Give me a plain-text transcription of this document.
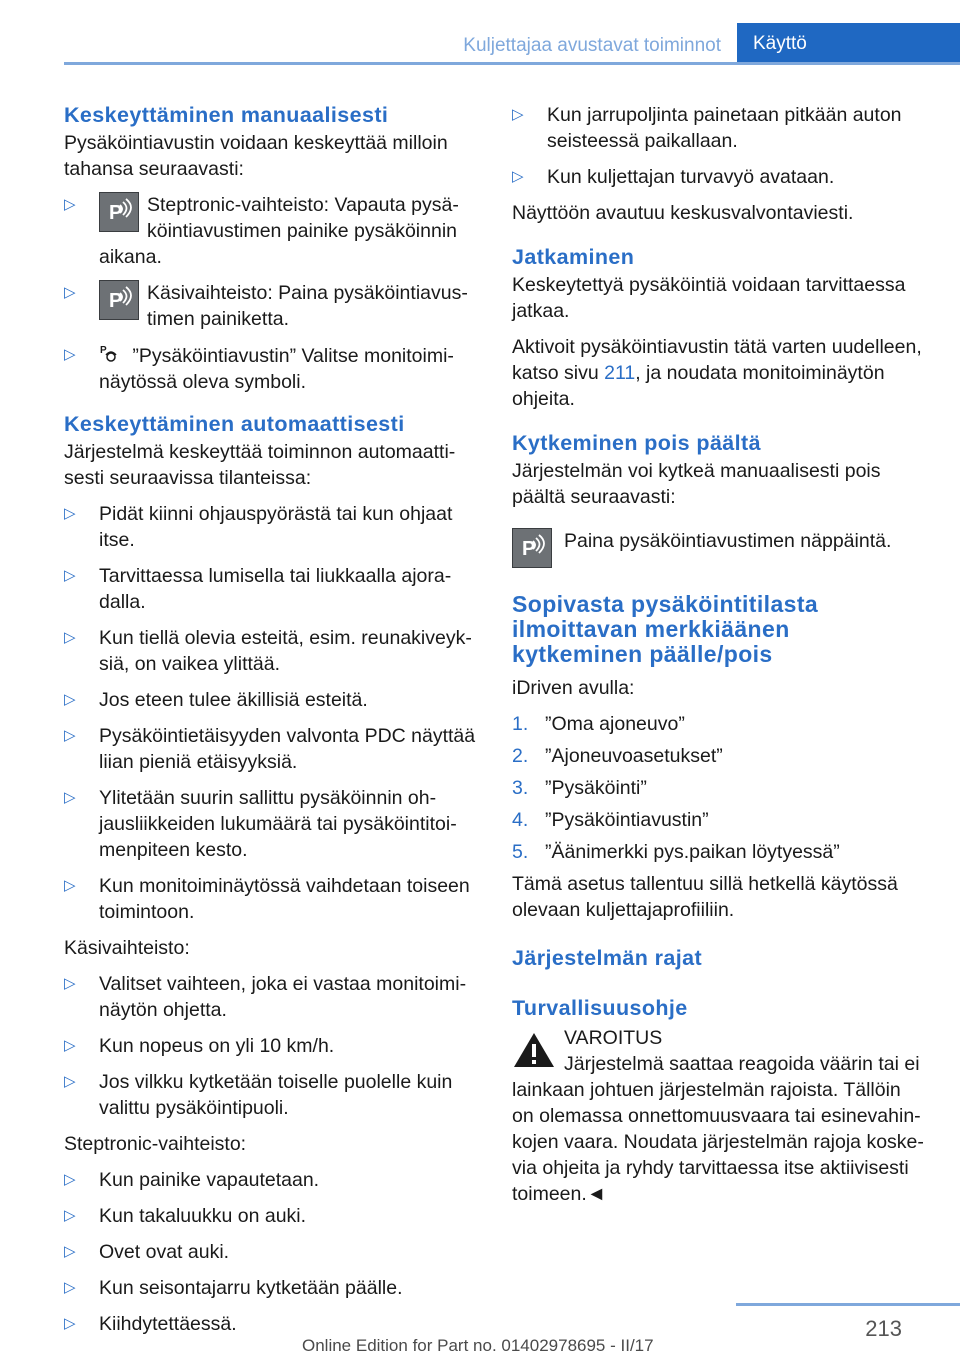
Kuljettajaa avustavat toiminnot	Käyttö
Keskeyttäminen manuaalisesti

Pysäköintiavustin voidaan keskeyttää milloin tahansa seuraavasti:

▷ P Steptronic-vaihteisto: Vapauta pysäköintiavustimen painike pysäköinnin aikana.
▷ P Käsivaihteisto: Paina pysäköintiavustimen painiketta.
▷ P ”Pysäköintiavustin” Valitse monitoiminäytössä oleva symboli.
Keskeyttäminen automaattisesti

Järjestelmä keskeyttää toiminnon automaattisesti seuraavissa tilanteissa:

▷ Pidät kiinni ohjauspyörästä tai kun ohjaat itse.
▷ Tarvittaessa lumisella tai liukkaalla ajoradalla.
▷ Kun tiellä olevia esteitä, esim. reunakiveyksiä, on vaikea ylittää.
▷ Jos eteen tulee äkillisiä esteitä.
▷ Pysäköintietäisyyden valvonta PDC näyttää liian pieniä etäisyyksiä.
▷ Ylitetään suurin sallittu pysäköinnin ohjausliikkeiden lukumäärä tai pysäköintitoimenpiteen kesto.
▷ Kun monitoiminäytössä vaihdetaan toiseen toimintoon.

Käsivaihteisto:

▷ Valitset vaihteen, joka ei vastaa monitoiminäytön ohjetta.
▷ Kun nopeus on yli 10 km/h.
▷ Jos vilkku kytketään toiselle puolelle kuin valittu pysäköintipuoli.

Steptronic-vaihteisto:

▷ Kun painike vapautetaan.
▷ Kun takaluukku on auki.
▷ Ovet ovat auki.
▷ Kun seisontajarru kytketään päälle.
▷ Kiihdytettäessä.
▷ Kun jarrupoljinta painetaan pitkään auton seisteessä paikallaan.
▷ Kun kuljettajan turvavyö avataan.

Näyttöön avautuu keskusvalvontaviesti.

Jatkaminen

Keskeytettyä pysäköintiä voidaan tarvittaessa jatkaa.

Aktivoit pysäköintiavustin tätä varten uudelleen, katso sivu 211, ja noudata monitoiminäytön ohjeita.

Kytkeminen pois päältä

Järjestelmän voi kytkeä manuaalisesti pois päältä seuraavasti:

P Paina pysäköintiavustimen näppäintä.
Sopivasta pysäköintitilasta ilmoittavan merkkiäänen kytkeminen päälle/pois

iDriven avulla:

1. ”Oma ajoneuvo”
2. ”Ajoneuvoasetukset”
3. ”Pysäköinti”
4. ”Pysäköintiavustin”
5. ”Äänimerkki pys.paikan löytyessä”

Tämä asetus tallentuu sillä hetkellä käytössä olevaan kuljettajaprofiiliin.

Järjestelmän rajat
Turvallisuusohje
VAROITUS
Järjestelmä saattaa reagoida väärin tai ei lainkaan johtuen järjestelmän rajoista. Tällöin on olemassa onnettomuusvaara tai esinevahinkojen vaara. Noudata järjestelmän rajoja koskevia ohjeita ja ryhdy tarvittaessa itse aktiivisesti toimeen.◄
213
Online Edition for Part no. 01402978695 - II/17
